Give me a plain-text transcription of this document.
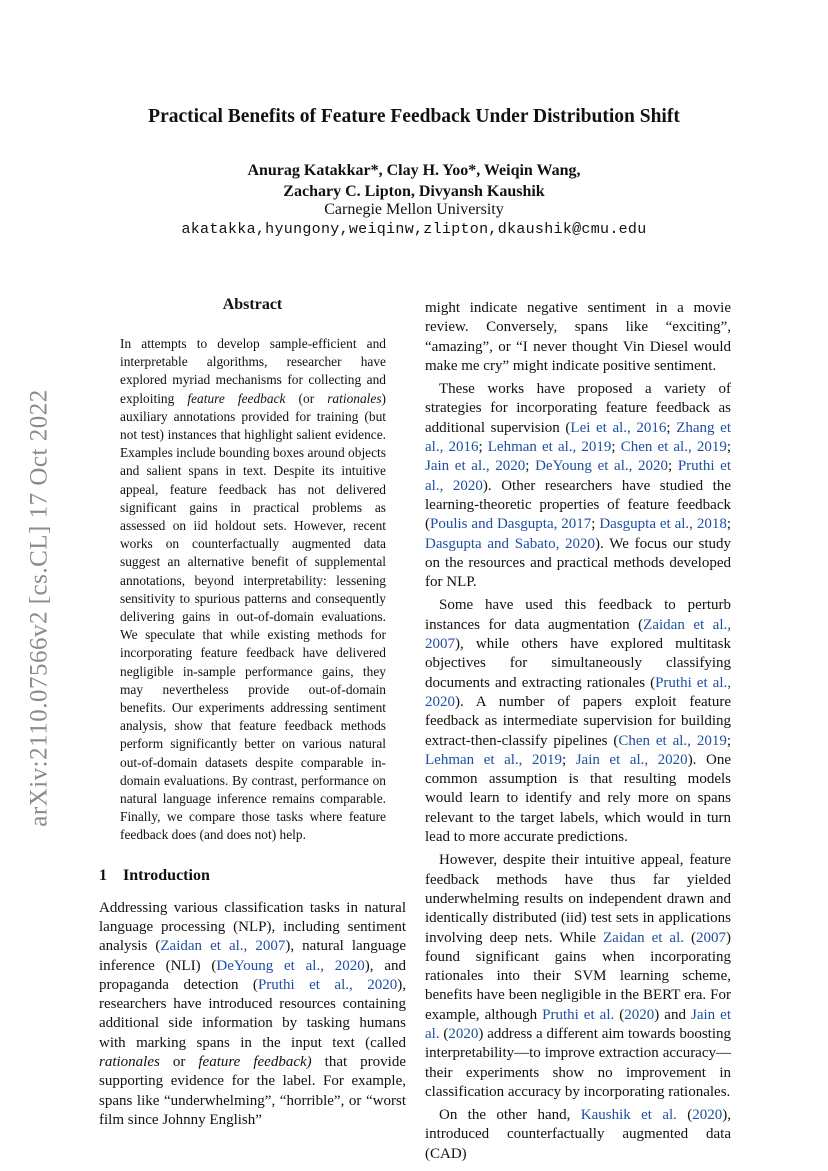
arXiv:2110.07566v2 [cs.CL] 17 Oct 2022
Practical Benefits of Feature Feedback Under Distribution Shift
Anurag Katakkar*, Clay H. Yoo*, Weiqin Wang,
Zachary C. Lipton, Divyansh Kaushik
Carnegie Mellon University
akatakka,hyungony,weiqinw,zlipton,dkaushik@cmu.edu
Abstract

In attempts to develop sample-efficient and interpretable algorithms, researcher have explored myriad mechanisms for collecting and exploiting feature feedback (or rationales) auxiliary annotations provided for training (but not test) instances that highlight salient evidence. Examples include bounding boxes around objects and salient spans in text. Despite its intuitive appeal, feature feedback has not delivered significant gains in practical problems as assessed on iid holdout sets. However, recent works on counterfactually augmented data suggest an alternative benefit of supplemental annotations, beyond interpretability: lessening sensitivity to spurious patterns and consequently delivering gains in out-of-domain evaluations. We speculate that while existing methods for incorporating feature feedback have delivered negligible in-sample performance gains, they may nevertheless provide out-of-domain benefits. Our experiments addressing sentiment analysis, show that feature feedback methods perform significantly better on various natural out-of-domain datasets despite comparable in-domain evaluations. By contrast, performance on natural language inference remains comparable. Finally, we compare those tasks where feature feedback does (and does not) help.

1 Introduction

Addressing various classification tasks in natural language processing (NLP), including sentiment analysis (Zaidan et al., 2007), natural language inference (NLI) (DeYoung et al., 2020), and propaganda detection (Pruthi et al., 2020), researchers have introduced resources containing additional side information by tasking humans with marking spans in the input text (called rationales or feature feedback) that provide supporting evidence for the label. For example, spans like “underwhelming”, “horrible”, or “worst film since Johnny English”

might indicate negative sentiment in a movie review. Conversely, spans like “exciting”, “amazing”, or “I never thought Vin Diesel would make me cry” might indicate positive sentiment.

These works have proposed a variety of strategies for incorporating feature feedback as additional supervision (Lei et al., 2016; Zhang et al., 2016; Lehman et al., 2019; Chen et al., 2019; Jain et al., 2020; DeYoung et al., 2020; Pruthi et al., 2020). Other researchers have studied the learning-theoretic properties of feature feedback (Poulis and Dasgupta, 2017; Dasgupta et al., 2018; Dasgupta and Sabato, 2020). We focus our study on the resources and practical methods developed for NLP.

Some have used this feedback to perturb instances for data augmentation (Zaidan et al., 2007), while others have explored multitask objectives for simultaneously classifying documents and extracting rationales (Pruthi et al., 2020). A number of papers exploit feature feedback as intermediate supervision for building extract-then-classify pipelines (Chen et al., 2019; Lehman et al., 2019; Jain et al., 2020). One common assumption is that resulting models would learn to identify and rely more on spans relevant to the target labels, which would in turn lead to more accurate predictions.

However, despite their intuitive appeal, feature feedback methods have thus far yielded underwhelming results on independent drawn and identically distributed (iid) test sets in applications involving deep nets. While Zaidan et al. (2007) found significant gains when incorporating rationales into their SVM learning scheme, benefits have been negligible in the BERT era. For example, although Pruthi et al. (2020) and Jain et al. (2020) address a different aim towards boosting interpretability—to improve extraction accuracy—their experiments show no improvement in classification accuracy by incorporating rationales.

On the other hand, Kaushik et al. (2020), introduced counterfactually augmented data (CAD)
